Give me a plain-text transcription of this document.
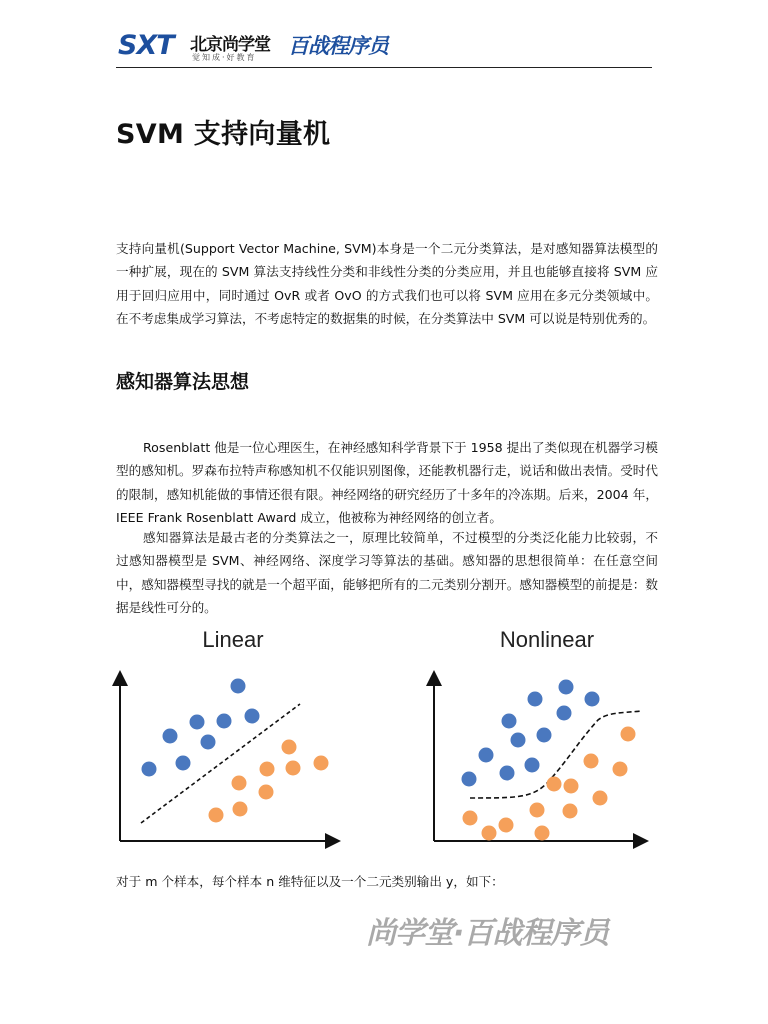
SXT 北京尚学堂
觉知成·好教育 百战程序员
SVM 支持向量机

支持向量机(Support Vector Machine, SVM)本身是一个二元分类算法，是对感知器算法模型的一种扩展，现在的 SVM 算法支持线性分类和非线性分类的分类应用，并且也能够直接将 SVM 应用于回归应用中，同时通过 OvR 或者 OvO 的方式我们也可以将 SVM 应用在多元分类领域中。在不考虑集成学习算法，不考虑特定的数据集的时候，在分类算法中 SVM 可以说是特别优秀的。

感知器算法思想

Rosenblatt 他是一位心理医生，在神经感知科学背景下于 1958 提出了类似现在机器学习模型的感知机。罗森布拉特声称感知机不仅能识别图像，还能教机器行走，说话和做出表情。受时代的限制，感知机能做的事情还很有限。神经网络的研究经历了十多年的冷冻期。后来，2004 年，IEEE Frank Rosenblatt Award 成立，他被称为神经网络的创立者。

感知器算法是最古老的分类算法之一，原理比较简单，不过模型的分类泛化能力比较弱，不过感知器模型是 SVM、神经网络、深度学习等算法的基础。感知器的思想很简单：在任意空间中，感知器模型寻找的就是一个超平面，能够把所有的二元类别分割开。感知器模型的前提是：数据是线性可分的。

Linear	Nonlinear

对于 m 个样本，每个样本 n 维特征以及一个二元类别输出 y，如下：

尚学堂·百战程序员
